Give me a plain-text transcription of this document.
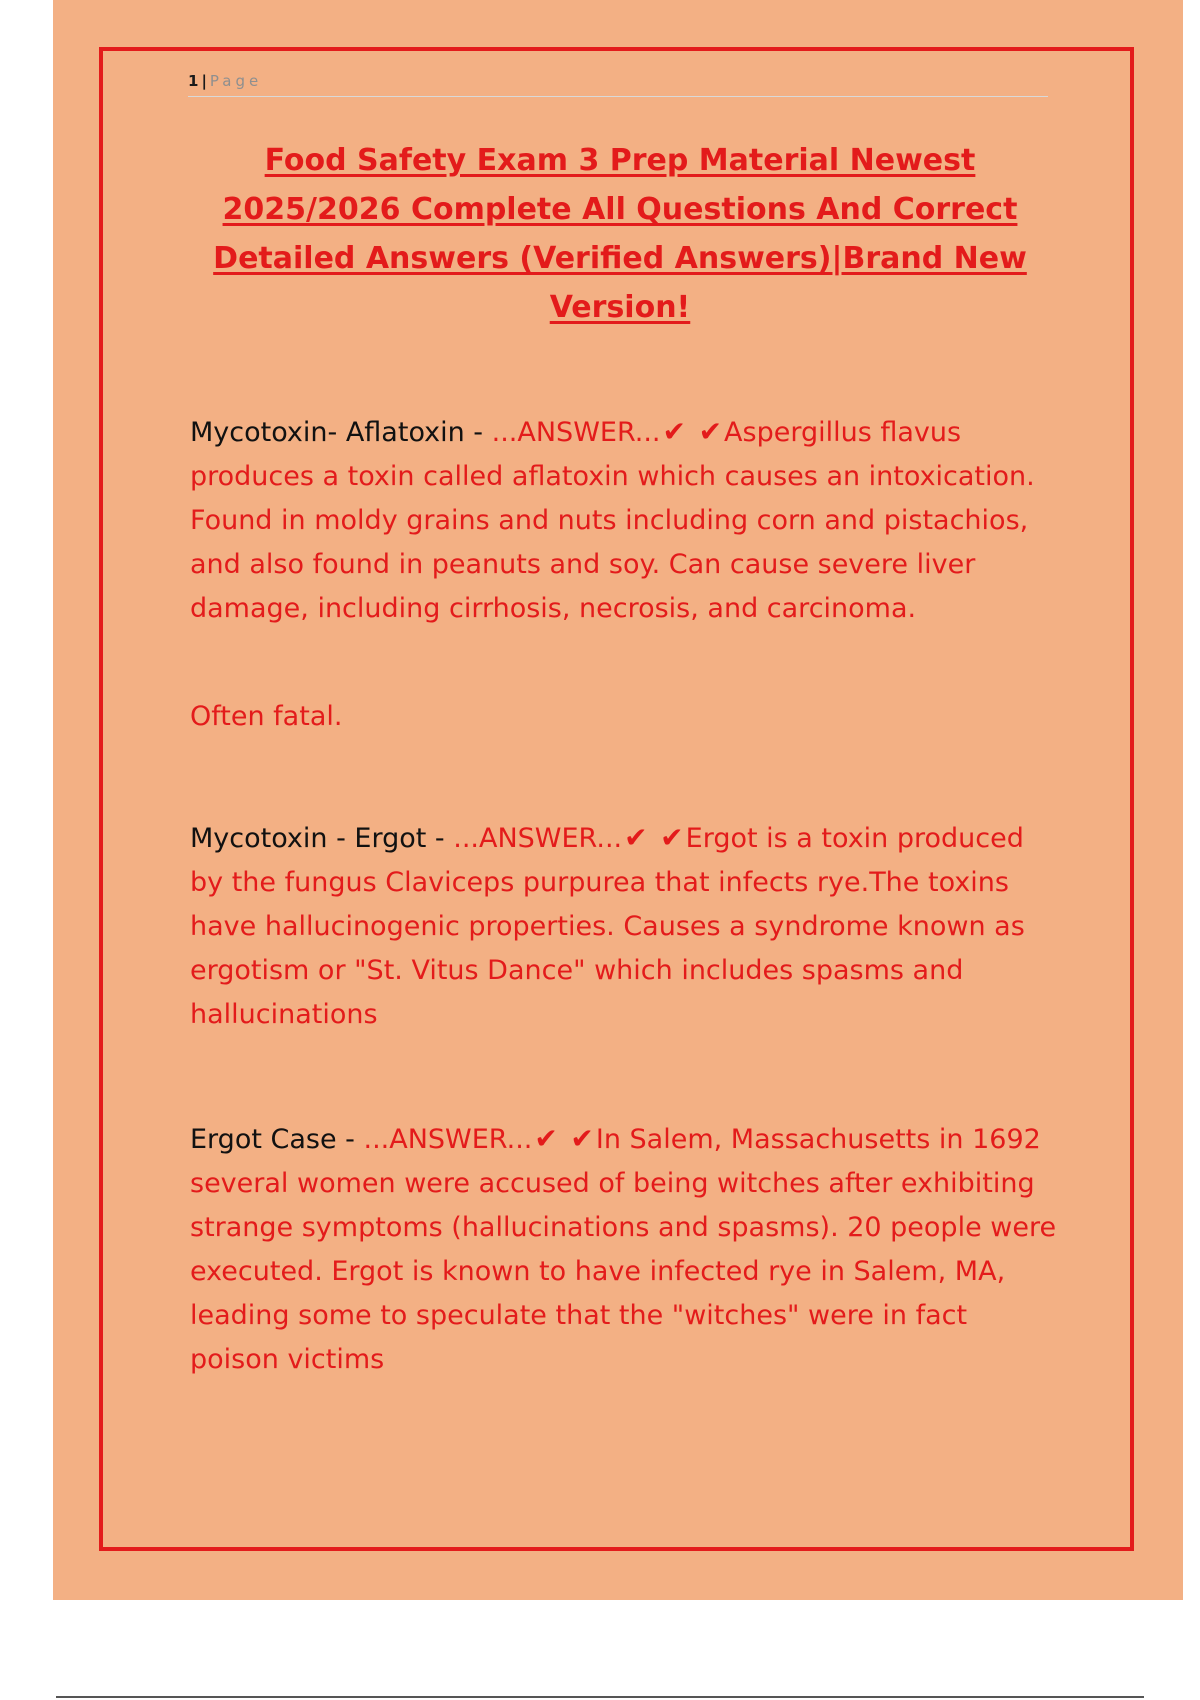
1 | Page
Food Safety Exam 3 Prep Material Newest 2025/2026 Complete All Questions And Correct Detailed Answers (Verified Answers)|Brand New Version!

Mycotoxin- Aflatoxin - ...ANSWER...✔ ✔Aspergillus flavus produces a toxin called aflatoxin which causes an intoxication. Found in moldy grains and nuts including corn and pistachios, and also found in peanuts and soy. Can cause severe liver damage, including cirrhosis, necrosis, and carcinoma.

Often fatal.

Mycotoxin - Ergot - ...ANSWER...✔ ✔Ergot is a toxin produced by the fungus Claviceps purpurea that infects rye.The toxins have hallucinogenic properties. Causes a syndrome known as ergotism or "St. Vitus Dance" which includes spasms and hallucinations

Ergot Case - ...ANSWER...✔ ✔In Salem, Massachusetts in 1692 several women were accused of being witches after exhibiting strange symptoms (hallucinations and spasms). 20 people were executed. Ergot is known to have infected rye in Salem, MA, leading some to speculate that the "witches" were in fact poison victims
